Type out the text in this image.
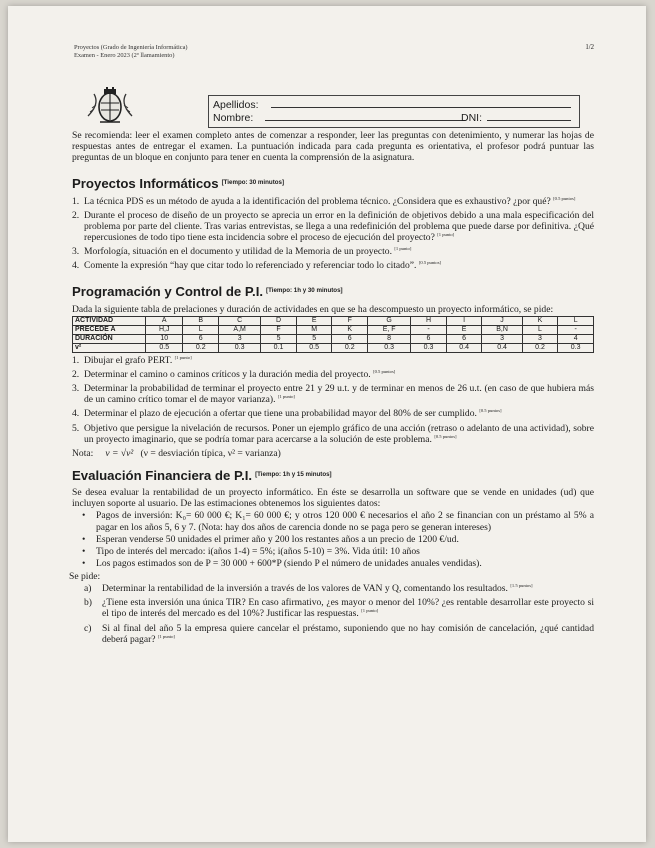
Proyectos (Grado de Ingeniería Informática)
Examen - Enero 2023 (2º llamamiento)
1/2
Apellidos:
Nombre:	DNI:

Se recomienda: leer el examen completo antes de comenzar a responder, leer las preguntas con detenimiento, y numerar las hojas de respuestas antes de entregar el examen. La puntuación indicada para cada pregunta es orientativa, el profesor podrá puntuar las preguntas de un bloque en conjunto para tener en cuenta la comprensión de la asignatura.

Proyectos Informáticos [Tiempo: 30 minutos]
1. La técnica PDS es un método de ayuda a la identificación del problema técnico. ¿Considera que es exhaustivo? ¿por qué? [0.5 puntos]
2. Durante el proceso de diseño de un proyecto se aprecia un error en la definición de objetivos debido a una mala especificación del problema por parte del cliente. Tras varias entrevistas, se llega a una redefinición del problema que puede darse por definitiva. ¿Qué repercusiones de todo tipo tiene esta incidencia sobre el proceso de ejecución del proyecto? [1 punto]
3. Morfología, situación en el documento y utilidad de la Memoria de un proyecto. [1 punto]
4. Comente la expresión “hay que citar todo lo referenciado y referenciar todo lo citado”. [0.5 puntos]
Programación y Control de P.I. [Tiempo: 1h y 30 minutos]

Dada la siguiente tabla de prelaciones y duración de actividades en que se ha descompuesto un proyecto informático, se pide:

ACTIVIDAD	A	B	C	D	E	F	G	H	I	J	K	L
PRECEDE A	H,J	L	A,M	F	M	K	E, F	-	E	B,N	L	-
DURACIÓN	10	6	3	5	5	6	8	6	6	3	3	4
v²	0.5	0.2	0.3	0.1	0.5	0.2	0.3	0.3	0.4	0.4	0.2	0.3
1. Dibujar el grafo PERT. [1 punto]
2. Determinar el camino o caminos críticos y la duración media del proyecto. [0.5 puntos]
3. Determinar la probabilidad de terminar el proyecto entre 21 y 29 u.t. y de terminar en menos de 26 u.t. (en caso de que hubiera más de un camino crítico tomar el de mayor varianza). [1 punto]
4. Determinar el plazo de ejecución a ofertar que tiene una probabilidad mayor del 80% de ser cumplido. [0.5 puntos]
5. Objetivo que persigue la nivelación de recursos. Poner un ejemplo gráfico de una acción (retraso o adelanto de una actividad), sobre un proyecto imaginario, que se podría tomar para acercarse a la solución de este problema. [0.5 puntos]

Nota: ν = √ν² (ν = desviación típica, ν² = varianza)

Evaluación Financiera de P.I. [Tiempo: 1h y 15 minutos]

Se desea evaluar la rentabilidad de un proyecto informático. En éste se desarrolla un software que se vende en unidades (ud) que incluyen soporte al usuario. De las estimaciones obtenemos los siguientes datos:

• Pagos de inversión: K₀= 60 000 €; K₁= 60 000 €; y otros 120 000 € necesarios el año 2 se financian con un préstamo al 5% a pagar en los años 5, 6 y 7. (Nota: hay dos años de carencia donde no se paga pero se generan intereses)
• Esperan venderse 50 unidades el primer año y 200 los restantes años a un precio de 1200 €/ud.
• Tipo de interés del mercado: i(años 1-4) = 5%; i(años 5-10) = 3%. Vida útil: 10 años
• Los pagos estimados son de P = 30 000 + 600*P (siendo P el número de unidades anuales vendidas).

Se pide:

a) Determinar la rentabilidad de la inversión a través de los valores de VAN y Q, comentando los resultados. [1.5 puntos]
b) ¿Tiene esta inversión una única TIR? En caso afirmativo, ¿es mayor o menor del 10%? ¿es rentable desarrollar este proyecto si el tipo de interés del mercado es del 10%? Justificar las respuestas. [1 punto]
c) Si al final del año 5 la empresa quiere cancelar el préstamo, suponiendo que no hay comisión de cancelación, ¿qué cantidad deberá pagar? [1 punto]
